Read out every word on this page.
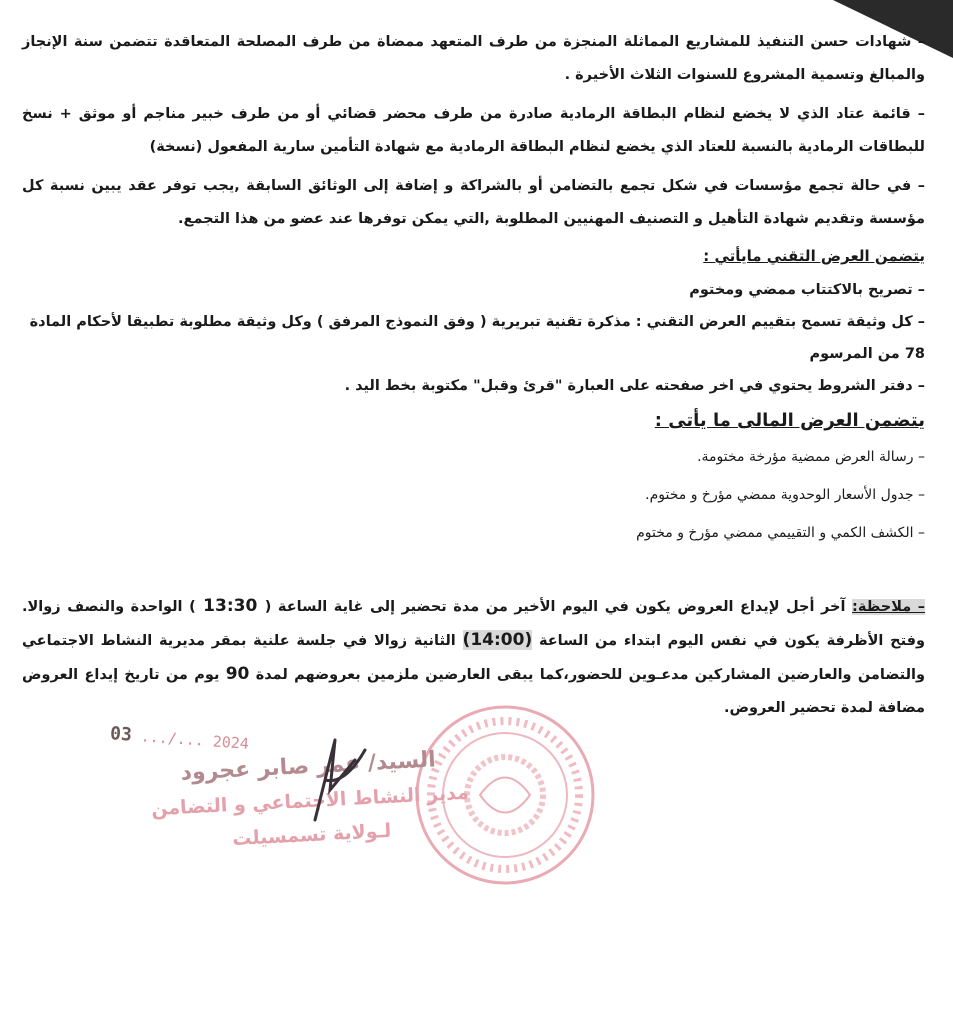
– شهادات حسن التنفيذ للمشاريع المماثلة المنجزة من طرف المتعهد ممضاة من طرف المصلحة المتعاقدة تتضمن سنة الإنجاز والمبالغ وتسمية المشروع للسنوات الثلاث الأخيرة .

– قائمة عتاد الذي لا يخضع لنظام البطاقة الرمادية صادرة من طرف محضر قضائي أو من طرف خبير مناجم أو موثق + نسخ للبطاقات الرمادية بالنسبة للعتاد الذي يخضع لنظام البطاقة الرمادية مع شهادة التأمين سارية المفعول (نسخة)

– في حالة تجمع مؤسسات في شكل تجمع بالتضامن أو بالشراكة و إضافة إلى الوثائق السابقة ,يجب توفر عقد يبين نسبة كل مؤسسة وتقديم شهادة التأهيل و التصنيف المهنيين المطلوبة ,التي يمكن توفرها عند عضو من هذا التجمع.

يتضمن العرض التقني مايأتي :

– تصريح بالاكتتاب ممضي ومختوم

– كل وثيقة تسمح بتقييم العرض التقني : مذكرة تقنية تبريرية ( وفق النموذج المرفق ) وكل وثيقة مطلوبة تطبيقا لأحكام المادة 78 من المرسوم

– دفتر الشروط يحتوي في اخر صفحته على العبارة "قرئ وقبل" مكتوبة بخط اليد .

يتضمن العرض المالى ما يأتى :

– رسالة العرض ممضية مؤرخة مختومة.

– جدول الأسعار الوحدوية ممضي مؤرخ و مختوم.

– الكشف الكمي و التقييمي ممضي مؤرخ و مختوم

– ملاحظة: آخر أجل لإيداع العروض يكون في اليوم الأخير من مدة تحضير إلى غاية الساعة ( 13:30 ) الواحدة والنصف زوالا. وفتح الأظرفة يكون في نفس اليوم ابتداء من الساعة (14:00) الثانية زوالا في جلسة علنية بمقر مديرية النشاط الاجتماعي والتضامن والعارضين المشاركين مدعـوين للحضور،كما يبقى العارضين ملزمين بعروضهم لمدة 90 يوم من تاريخ إيداع العروض مضافة لمدة تحضير العروض.

2024 .../... 03
السيد/ عمر صابر عجرود
مدير النشاط الاجتماعي و التضامن
لـولاية تسمسيلت
